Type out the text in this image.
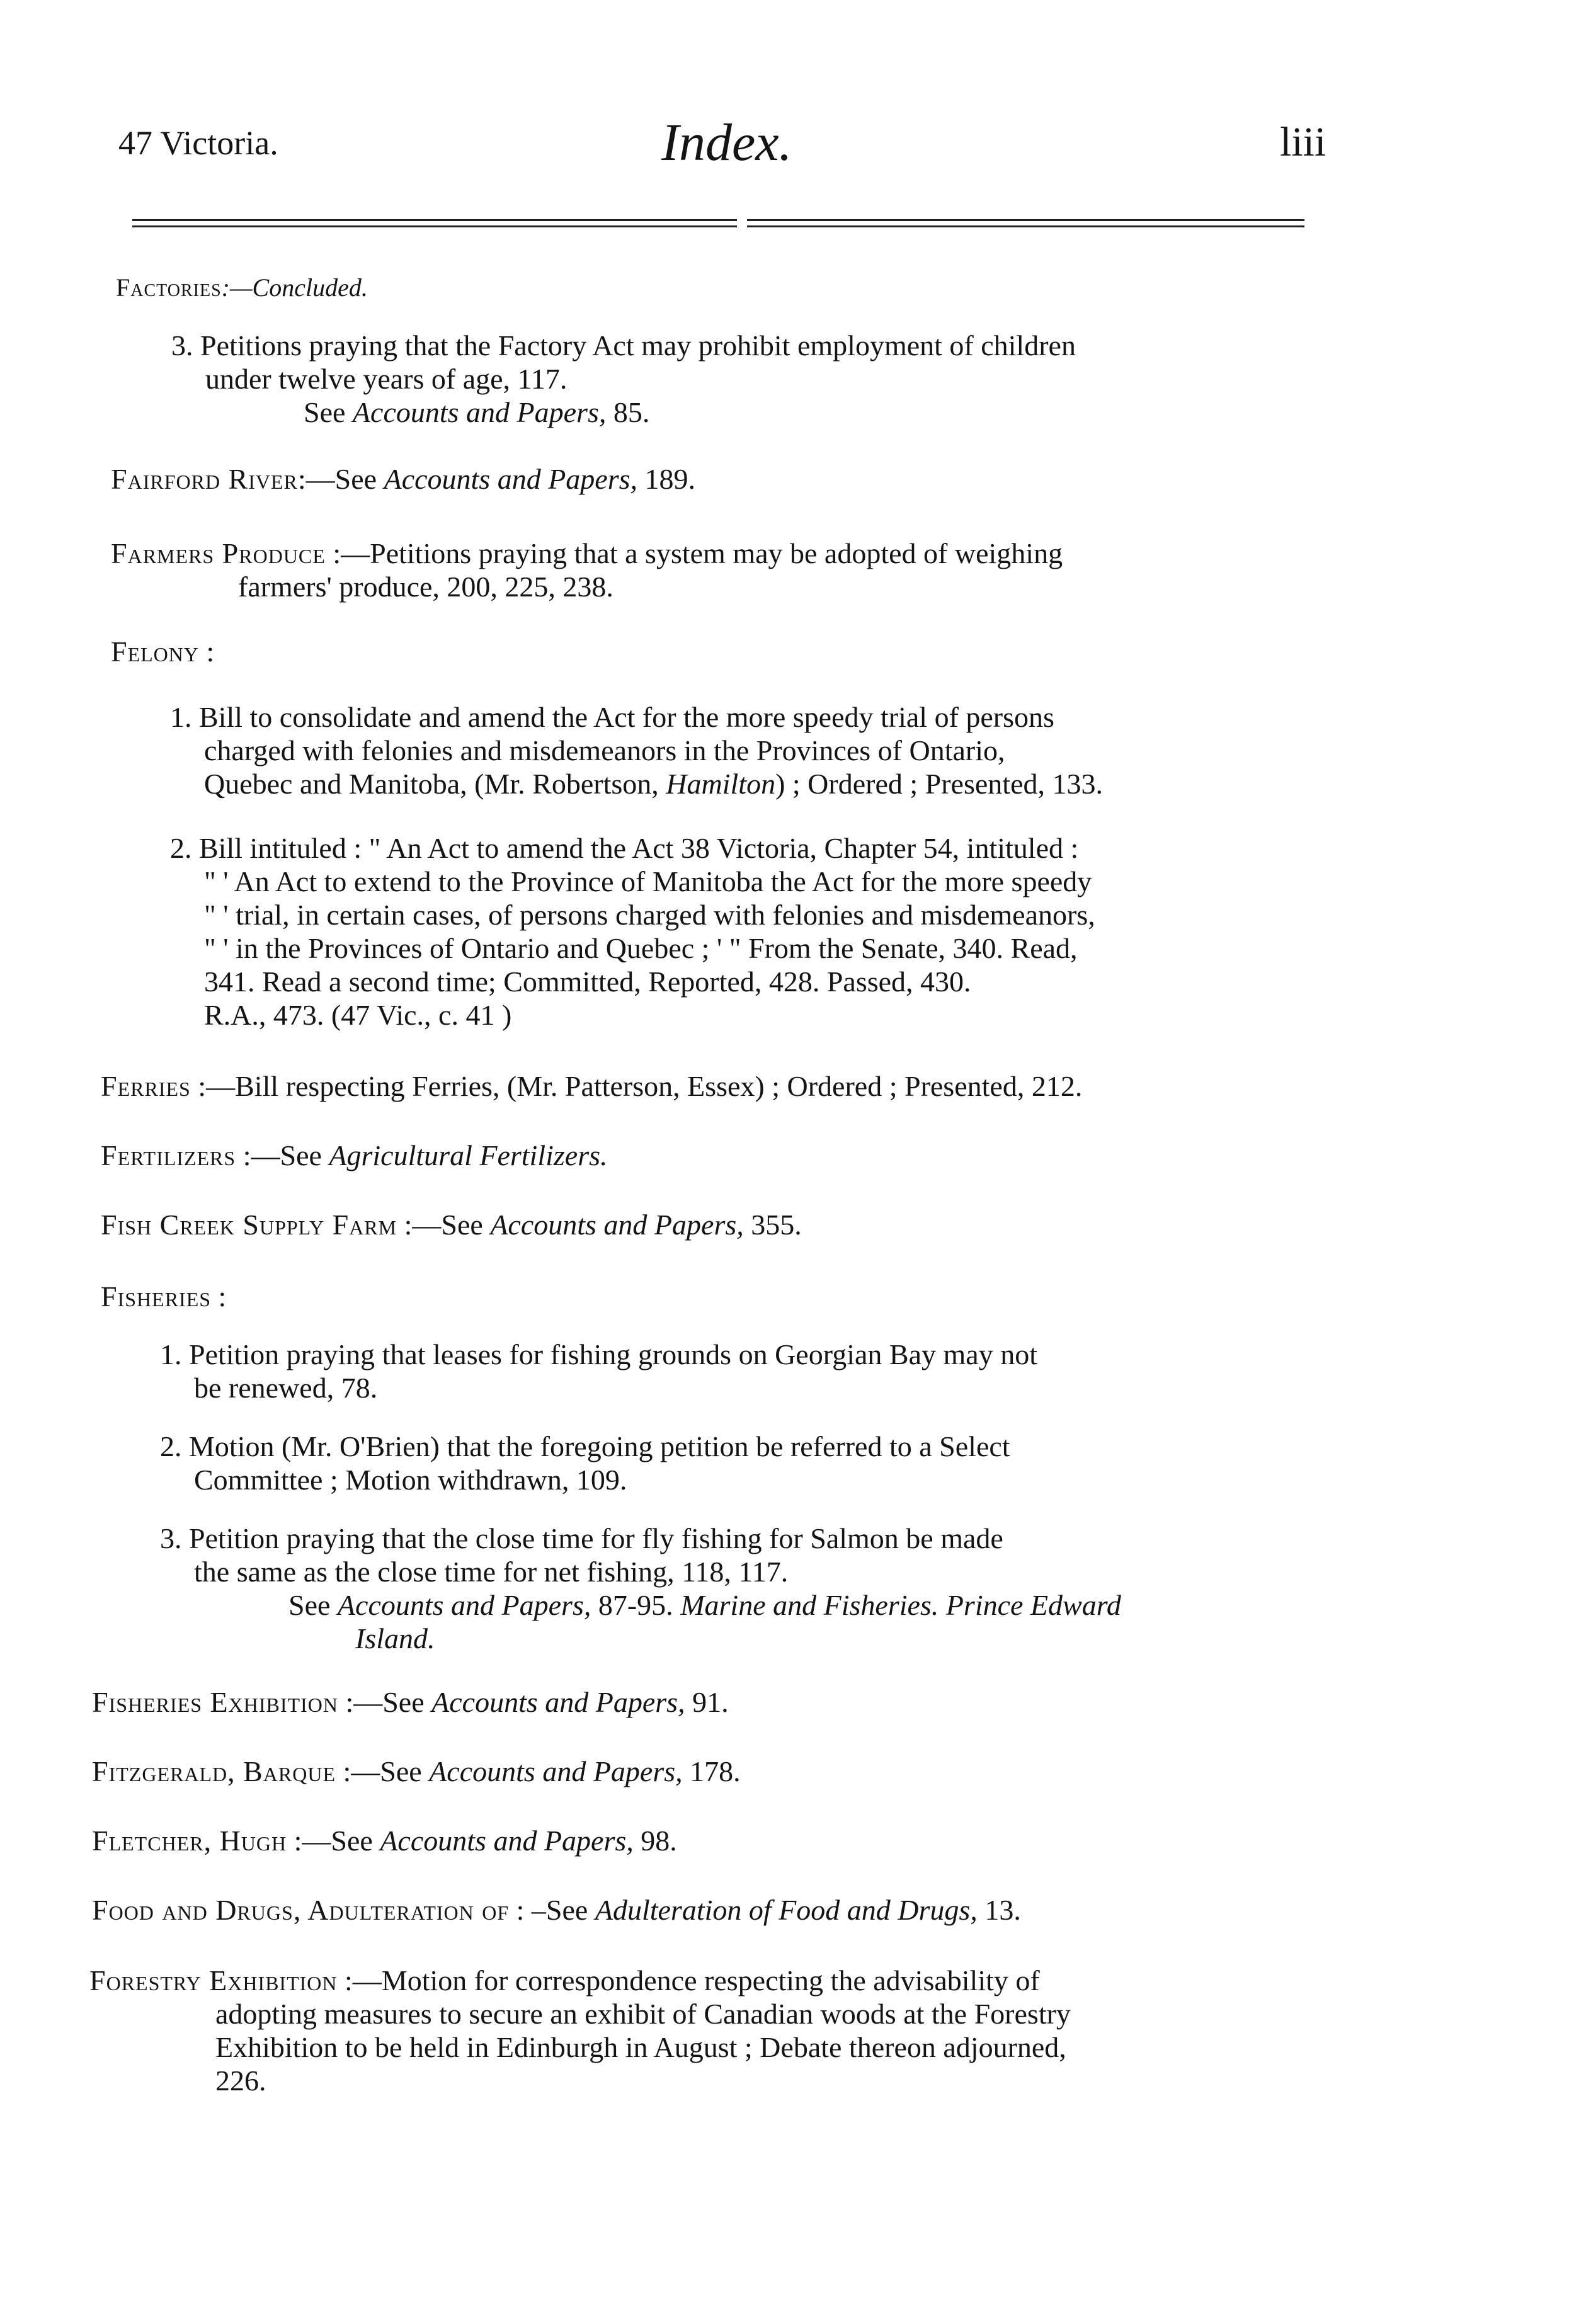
47 Victoria.	Index.	liii
Factories:—Concluded.
3. Petitions praying that the Factory Act may prohibit employment of children
under twelve years of age, 117.
See Accounts and Papers, 85.
Fairford River:—See Accounts and Papers, 189.
Farmers Produce :—Petitions praying that a system may be adopted of weighing
farmers' produce, 200, 225, 238.
Felony :
1. Bill to consolidate and amend the Act for the more speedy trial of persons
charged with felonies and misdemeanors in the Provinces of Ontario,
Quebec and Manitoba, (Mr. Robertson, Hamilton) ; Ordered ; Presented, 133.
2. Bill intituled : " An Act to amend the Act 38 Victoria, Chapter 54, intituled :
" ' An Act to extend to the Province of Manitoba the Act for the more speedy
" ' trial, in certain cases, of persons charged with felonies and misdemeanors,
" ' in the Provinces of Ontario and Quebec ; ' " From the Senate, 340. Read,
341. Read a second time; Committed, Reported, 428. Passed, 430.
R.A., 473. (47 Vic., c. 41 )
Ferries :—Bill respecting Ferries, (Mr. Patterson, Essex) ; Ordered ; Presented, 212.
Fertilizers :—See Agricultural Fertilizers.
Fish Creek Supply Farm :—See Accounts and Papers, 355.
Fisheries :
1. Petition praying that leases for fishing grounds on Georgian Bay may not
be renewed, 78.
2. Motion (Mr. O'Brien) that the foregoing petition be referred to a Select
Committee ; Motion withdrawn, 109.
3. Petition praying that the close time for fly fishing for Salmon be made
the same as the close time for net fishing, 118, 117.
See Accounts and Papers, 87-95. Marine and Fisheries. Prince Edward
Island.
Fisheries Exhibition :—See Accounts and Papers, 91.
Fitzgerald, Barque :—See Accounts and Papers, 178.
Fletcher, Hugh :—See Accounts and Papers, 98.
Food and Drugs, Adulteration of : –See Adulteration of Food and Drugs, 13.
Forestry Exhibition :—Motion for correspondence respecting the advisability of
adopting measures to secure an exhibit of Canadian woods at the Forestry
Exhibition to be held in Edinburgh in August ; Debate thereon adjourned,
226.
